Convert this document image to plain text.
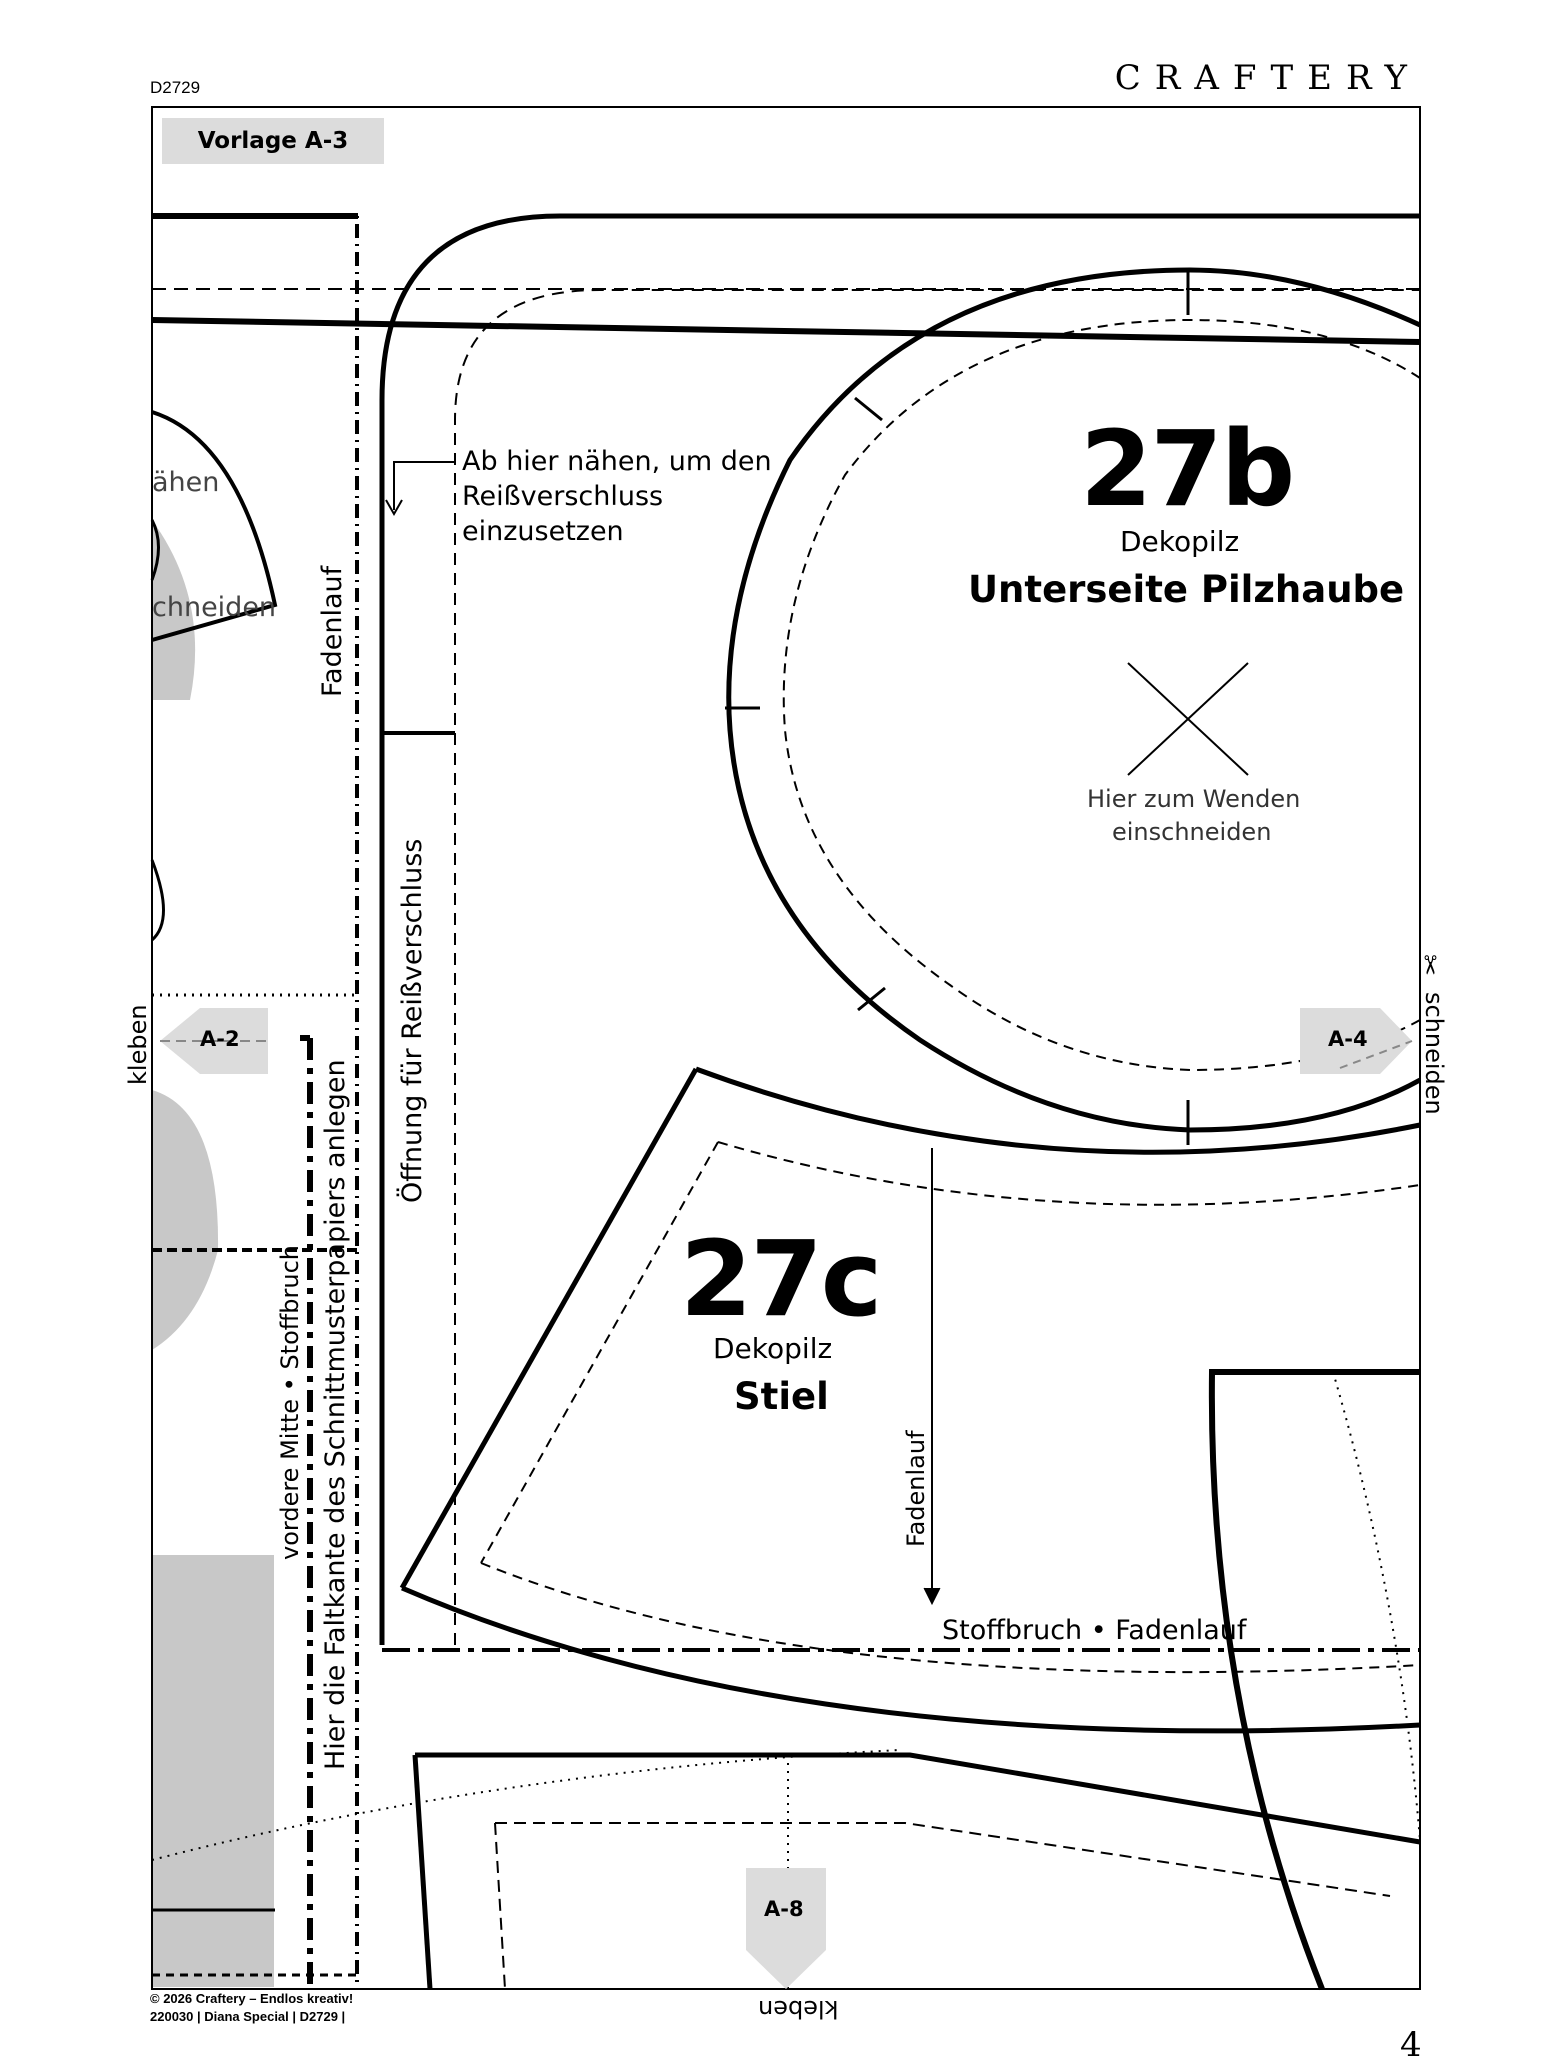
D2729	CRAFTERY
Vorlage A-3
27b
Dekopilz
Unterseite Pilzhaube
Hier zum Wenden
einschneiden
27c
Dekopilz
Stiel
Fadenlauf
Stoffbruch • Fadenlauf
Ab hier nähen, um den
Reißverschluss
einzusetzen
Öffnung für Reißverschluss
Fadenlauf
ähen
chneiden
vordere Mitte • Stoffbruch Hier die Faltkante des Schnittmusterpapiers anlegen
A-2	A-4
A-8
kleben
kleben
schneiden
✂
© 2026 Craftery – Endlos kreativ!
220030 | Diana Special | D2729 |
4
